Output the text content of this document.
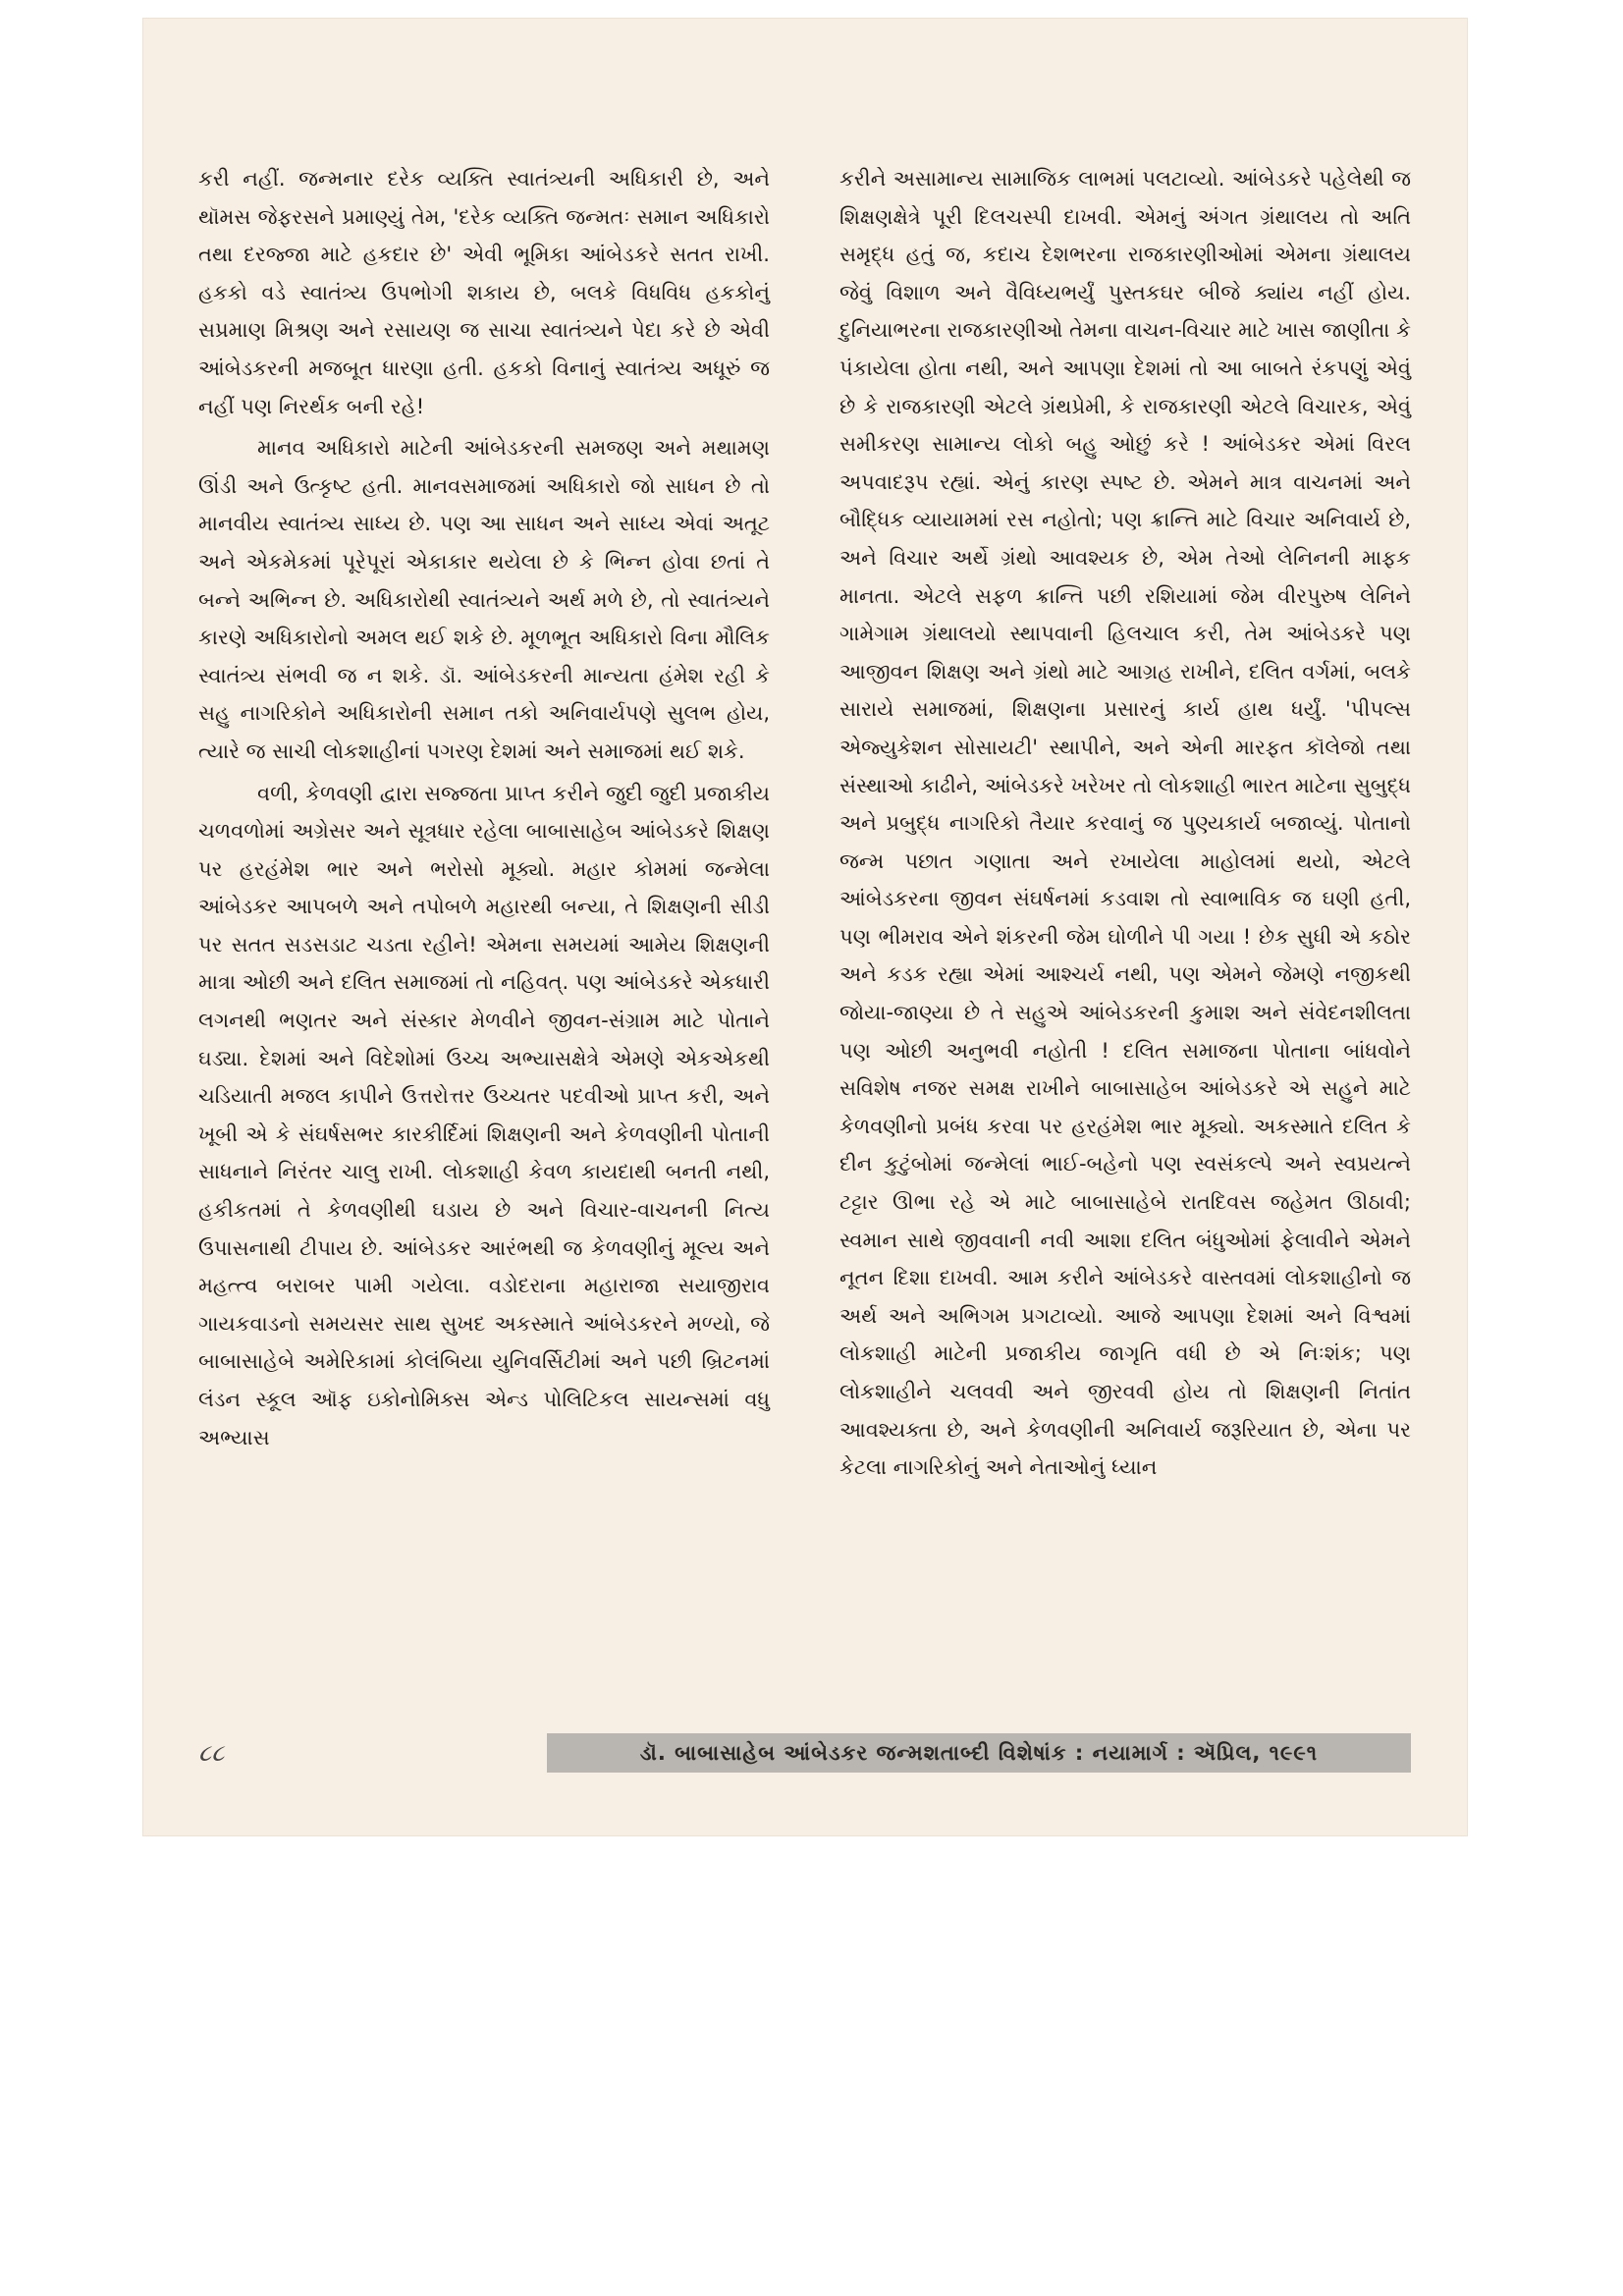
કરી નહીં. જન્મનાર દરેક વ્યક્તિ સ્વાતંત્ર્યની અધિકારી છે, અને થૉમસ જેફરસને પ્રમાણ્યું તેમ, 'દરેક વ્યક્તિ જન્મતઃ સમાન અધિકારો તથા દરજ્જા માટે હકદાર છે' એવી ભૂમિકા આંબેડકરે સતત રાખી. હકકો વડે સ્વાતંત્ર્ય ઉપભોગી શકાય છે, બલકે વિધવિધ હકકોનું સપ્રમાણ મિશ્રણ અને રસાયણ જ સાચા સ્વાતંત્ર્યને પેદા કરે છે એવી આંબેડકરની મજબૂત ધારણા હતી. હકકો વિનાનું સ્વાતંત્ર્ય અધૂરું જ નહીં પણ નિરર્થક બની રહે!

માનવ અધિકારો માટેની આંબેડકરની સમજણ અને મથામણ ઊંડી અને ઉત્કૃષ્ટ હતી. માનવસમાજમાં અધિકારો જો સાધન છે તો માનવીય સ્વાતંત્ર્ય સાધ્ય છે. પણ આ સાધન અને સાધ્ય એવાં અતૂટ અને એકમેકમાં પૂરેપૂરાં એકાકાર થયેલા છે કે ભિન્ન હોવા છતાં તે બન્ને અભિન્ન છે. અધિકારોથી સ્વાતંત્ર્યને અર્થ મળે છે, તો સ્વાતંત્ર્યને કારણે અધિકારોનો અમલ થઈ શકે છે. મૂળભૂત અધિકારો વિના મૌલિક સ્વાતંત્ર્ય સંભવી જ ન શકે. ડૉ. આંબેડકરની માન્યતા હંમેશ રહી કે સહુ નાગરિકોને અધિકારોની સમાન તકો અનિવાર્યપણે સુલભ હોય, ત્યારે જ સાચી લોકશાહીનાં પગરણ દેશમાં અને સમાજમાં થઈ શકે.

વળી, કેળવણી દ્વારા સજ્જતા પ્રાપ્ત કરીને જુદી જુદી પ્રજાકીય ચળવળોમાં અગ્રેસર અને સૂત્રધાર રહેલા બાબાસાહેબ આંબેડકરે શિક્ષણ પર હરહંમેશ ભાર અને ભરોસો મૂક્યો. મહાર કોમમાં જન્મેલા આંબેડકર આપબળે અને તપોબળે મહારથી બન્યા, તે શિક્ષણની સીડી પર સતત સડસડાટ ચડતા રહીને! એમના સમયમાં આમેય શિક્ષણની માત્રા ઓછી અને દલિત સમાજમાં તો નહિવત્. પણ આંબેડકરે એકધારી લગનથી ભણતર અને સંસ્કાર મેળવીને જીવન-સંગ્રામ માટે પોતાને ઘડ્યા. દેશમાં અને વિદેશોમાં ઉચ્ચ અભ્યાસક્ષેત્રે એમણે એકએકથી ચડિયાતી મજલ કાપીને ઉત્તરોત્તર ઉચ્ચતર પદવીઓ પ્રાપ્ત કરી, અને ખૂબી એ કે સંઘર્ષસભર કારકીર્દિમાં શિક્ષણની અને કેળવણીની પોતાની સાધનાને નિરંતર ચાલુ રાખી. લોકશાહી કેવળ કાયદાથી બનતી નથી, હકીકતમાં તે કેળવણીથી ઘડાય છે અને વિચાર-વાચનની નિત્ય ઉપાસનાથી ટીપાય છે. આંબેડકર આરંભથી જ કેળવણીનું મૂલ્ય અને મહત્ત્વ બરાબર પામી ગયેલા. વડોદરાના મહારાજા સયાજીરાવ ગાયકવાડનો સમયસર સાથ સુખદ અકસ્માતે આંબેડકરને મળ્યો, જે બાબાસાહેબે અમેરિકામાં કોલંબિયા યુનિવર્સિટીમાં અને પછી બ્રિટનમાં લંડન સ્કૂલ ઑફ ઇકોનોમિક્સ એન્ડ પોલિટિકલ સાયન્સમાં વધુ અભ્યાસ

કરીને અસામાન્ય સામાજિક લાભમાં પલટાવ્યો. આંબેડકરે પહેલેથી જ શિક્ષણક્ષેત્રે પૂરી દિલચસ્પી દાખવી. એમનું અંગત ગ્રંથાલય તો અતિ સમૃદ્ધ હતું જ, કદાચ દેશભરના રાજકારણીઓમાં એમના ગ્રંથાલય જેવું વિશાળ અને વૈવિધ્યભર્યું પુસ્તકઘર બીજે ક્યાંય નહીં હોય. દુનિયાભરના રાજકારણીઓ તેમના વાચન-વિચાર માટે ખાસ જાણીતા કે પંકાયેલા હોતા નથી, અને આપણા દેશમાં તો આ બાબતે રંકપણું એવું છે કે રાજકારણી એટલે ગ્રંથપ્રેમી, કે રાજકારણી એટલે વિચારક, એવું સમીકરણ સામાન્ય લોકો બહુ ઓછું કરે ! આંબેડકર એમાં વિરલ અપવાદરૂપ રહ્યાં. એનું કારણ સ્પષ્ટ છે. એમને માત્ર વાચનમાં અને બૌદ્ધિક વ્યાયામમાં રસ નહોતો; પણ ક્રાન્તિ માટે વિચાર અનિવાર્ય છે, અને વિચાર અર્થે ગ્રંથો આવશ્યક છે, એમ તેઓ લેનિનની માફક માનતા. એટલે સફળ ક્રાન્તિ પછી રશિયામાં જેમ વીરપુરુષ લેનિને ગામેગામ ગ્રંથાલયો સ્થાપવાની હિલચાલ કરી, તેમ આંબેડકરે પણ આજીવન શિક્ષણ અને ગ્રંથો માટે આગ્રહ રાખીને, દલિત વર્ગમાં, બલકે સારાયે સમાજમાં, શિક્ષણના પ્રસારનું કાર્ય હાથ ધર્યું. 'પીપલ્સ એજ્યુકેશન સોસાયટી' સ્થાપીને, અને એની મારફત કૉલેજો તથા સંસ્થાઓ કાઢીને, આંબેડકરે ખરેખર તો લોકશાહી ભારત માટેના સુબુદ્ધ અને પ્રબુદ્ધ નાગરિકો તૈયાર કરવાનું જ પુણ્યકાર્ય બજાવ્યું. પોતાનો જન્મ પછાત ગણાતા અને રખાયેલા માહોલમાં થયો, એટલે આંબેડકરના જીવન સંઘર્ષનમાં કડવાશ તો સ્વાભાવિક જ ઘણી હતી, પણ ભીમરાવ એને શંકરની જેમ ઘોળીને પી ગયા ! છેક સુધી એ કઠોર અને કડક રહ્યા એમાં આશ્ચર્ય નથી, પણ એમને જેમણે નજીકથી જોયા-જાણ્યા છે તે સહુએ આંબેડકરની કુમાશ અને સંવેદનશીલતા પણ ઓછી અનુભવી નહોતી ! દલિત સમાજના પોતાના બાંધવોને સવિશેષ નજર સમક્ષ રાખીને બાબાસાહેબ આંબેડકરે એ સહુને માટે કેળવણીનો પ્રબંધ કરવા પર હરહંમેશ ભાર મૂક્યો. અકસ્માતે દલિત કે દીન કુટુંબોમાં જન્મેલાં ભાઈ-બહેનો પણ સ્વસંકલ્પે અને સ્વપ્રયત્ને ટટ્ટાર ઊભા રહે એ માટે બાબાસાહેબે રાતદિવસ જહેમત ઊઠાવી; સ્વમાન સાથે જીવવાની નવી આશા દલિત બંધુઓમાં ફેલાવીને એમને નૂતન દિશા દાખવી. આમ કરીને આંબેડકરે વાસ્તવમાં લોકશાહીનો જ અર્થ અને અભિગમ પ્રગટાવ્યો. આજે આપણા દેશમાં અને વિશ્વમાં લોકશાહી માટેની પ્રજાકીય જાગૃતિ વધી છે એ નિઃશંક; પણ લોકશાહીને ચલવવી અને જીરવવી હોય તો શિક્ષણની નિતાંત આવશ્યક્તા છે, અને કેળવણીની અનિવાર્ય જરૂરિયાત છે, એના પર કેટલા નાગરિકોનું અને નેતાઓનું ધ્યાન

૮૮	ડૉ. બાબાસાહેબ આંબેડકર જન્મશતાબ્દી વિશેષાંક : નયામાર્ગ : ઍપ્રિલ, ૧૯૯૧
